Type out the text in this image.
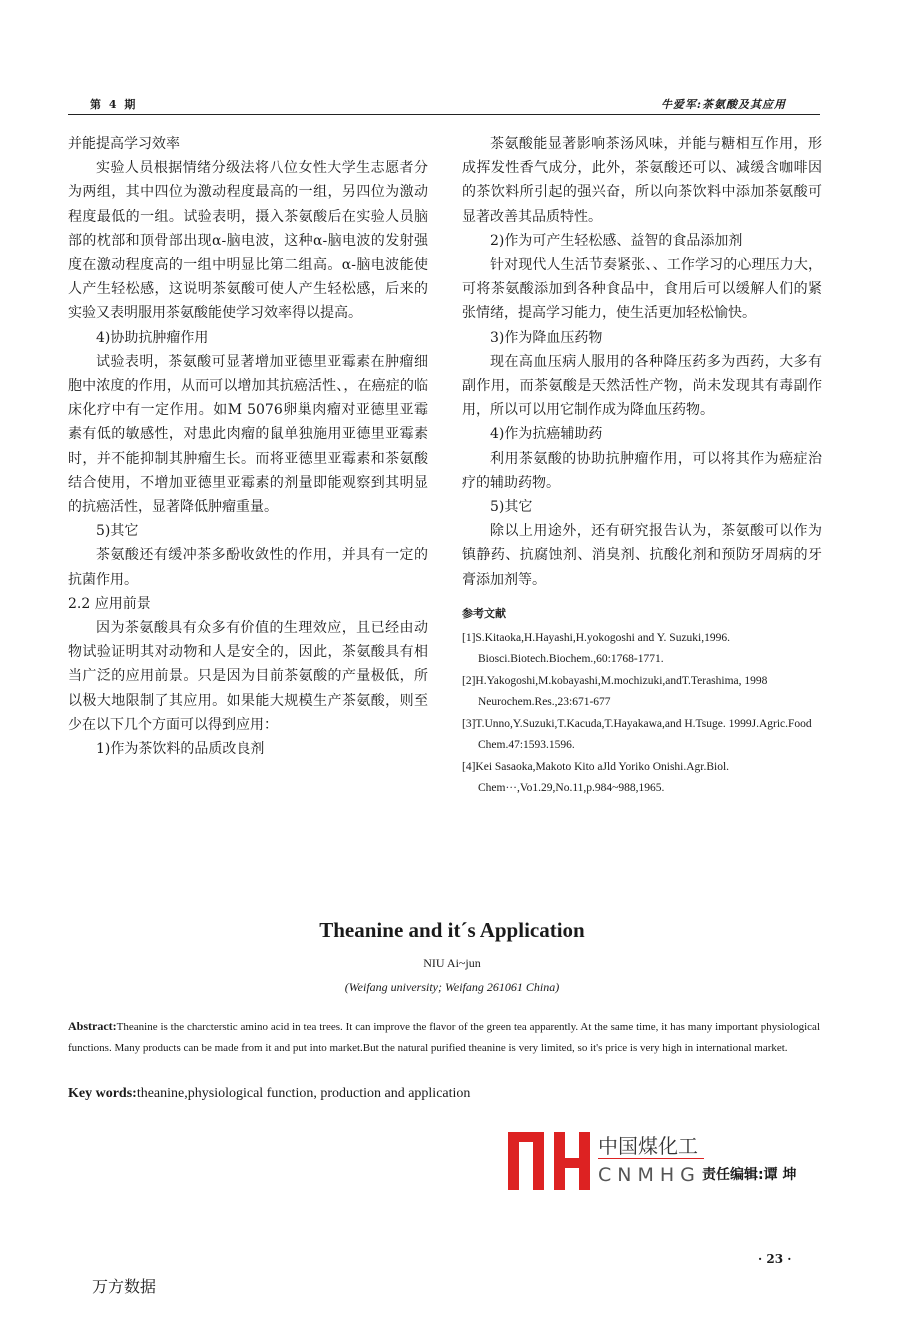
第 4 期	牛爱军:茶氨酸及其应用

并能提高学习效率

实验人员根据情绪分级法将八位女性大学生志愿者分为两组，其中四位为激动程度最高的一组，另四位为激动程度最低的一组。试验表明，摄入茶氨酸后在实验人员脑部的枕部和顶骨部出现α-脑电波，这种α-脑电波的发射强度在激动程度高的一组中明显比第二组高。α-脑电波能使人产生轻松感，这说明茶氨酸可使人产生轻松感，后来的实验又表明服用茶氨酸能使学习效率得以提高。

4)协助抗肿瘤作用

试验表明，茶氨酸可显著增加亚德里亚霉素在肿瘤细胞中浓度的作用，从而可以增加其抗癌活性、，在癌症的临床化疗中有一定作用。如M 5076卵巢肉瘤对亚德里亚霉素有低的敏感性，对患此肉瘤的鼠单独施用亚德里亚霉素时，并不能抑制其肿瘤生长。而将亚德里亚霉素和茶氨酸结合使用，不增加亚德里亚霉素的剂量即能观察到其明显的抗癌活性，显著降低肿瘤重量。

5)其它

茶氨酸还有缓冲茶多酚收敛性的作用，并具有一定的抗菌作用。

2.2 应用前景

因为茶氨酸具有众多有价值的生理效应，且已经由动物试验证明其对动物和人是安全的，因此，茶氨酸具有相当广泛的应用前景。只是因为目前茶氨酸的产量极低，所以极大地限制了其应用。如果能大规模生产茶氨酸，则至少在以下几个方面可以得到应用：

1)作为茶饮料的品质改良剂

茶氨酸能显著影响茶汤风味，并能与糖相互作用，形成挥发性香气成分，此外，茶氨酸还可以、减缓含咖啡因的茶饮料所引起的强兴奋，所以向茶饮料中添加茶氨酸可显著改善其品质特性。

2)作为可产生轻松感、益智的食品添加剂

针对现代人生活节奏紧张、、工作学习的心理压力大，可将茶氨酸添加到各种食品中，食用后可以缓解人们的紧张情绪，提高学习能力，使生活更加轻松愉快。

3)作为降血压药物

现在高血压病人服用的各种降压药多为西药，大多有副作用，而茶氨酸是天然活性产物，尚未发现其有毒副作用，所以可以用它制作成为降血压药物。

4)作为抗癌辅助药

利用茶氨酸的协助抗肿瘤作用，可以将其作为癌症治疗的辅助药物。

5)其它

除以上用途外，还有研究报告认为，茶氨酸可以作为镇静药、抗腐蚀剂、消臭剂、抗酸化剂和预防牙周病的牙膏添加剂等。

参考文献
[1]S.Kitaoka,H.Hayashi,H.yokogoshi and Y. Suzuki,1996. Biosci.Biotech.Biochem.,60:1768-1771.
[2]H.Yakogoshi,M.kobayashi,M.mochizuki,andT.Terashima, 1998 Neurochem.Res.,23:671-677
[3]T.Unno,Y.Suzuki,T.Kacuda,T.Hayakawa,and H.Tsuge. 1999J.Agric.Food Chem.47:1593.1596.
[4]Kei Sasaoka,Makoto Kito aJld Yoriko Onishi.Agr.Biol. Chem···,Vo1.29,No.11,p.984~988,1965.
Theanine and it´s Application
NIU Ai~jun
(Weifang university; Weifang 261061 China)
Abstract:Theanine is the charcterstic amino acid in tea trees. It can improve the flavor of the green tea apparently. At the same time, it has many important physiological functions. Many products can be made from it and put into market.But the natural purified theanine is very limited, so it's price is very high in international market.
Key words:theanine,physiological function, production and application
中国煤化工
CNMHG 责任编辑:谭 坤
· 23 ·
万方数据
